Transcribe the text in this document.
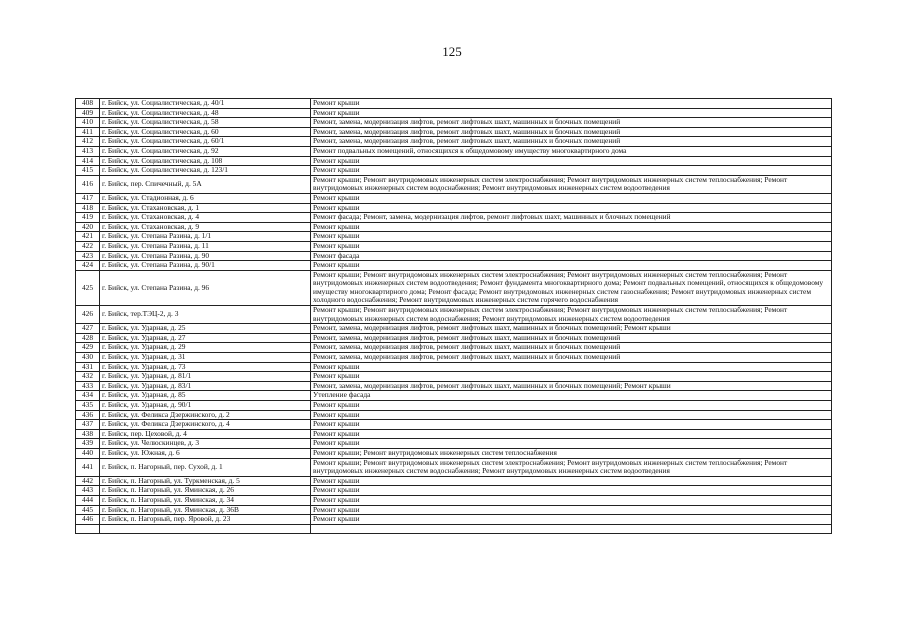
125
408	г. Бийск, ул. Социалистическая, д. 40/1	Ремонт крыши
409	г. Бийск, ул. Социалистическая, д. 48	Ремонт крыши
410	г. Бийск, ул. Социалистическая, д. 58	Ремонт, замена, модернизация лифтов, ремонт лифтовых шахт, машинных и блочных помещений
411	г. Бийск, ул. Социалистическая, д. 60	Ремонт, замена, модернизация лифтов, ремонт лифтовых шахт, машинных и блочных помещений
412	г. Бийск, ул. Социалистическая, д. 60/1	Ремонт, замена, модернизация лифтов, ремонт лифтовых шахт, машинных и блочных помещений
413	г. Бийск, ул. Социалистическая, д. 92	Ремонт подвальных помещений, относящихся к общедомовому имуществу многоквартирного дома
414	г. Бийск, ул. Социалистическая, д. 108	Ремонт крыши
415	г. Бийск, ул. Социалистическая, д. 123/1	Ремонт крыши
416	г. Бийск, пер. Спичечный, д. 5А	Ремонт крыши; Ремонт внутридомовых инженерных систем электроснабжения; Ремонт внутридомовых инженерных систем теплоснабжения; Ремонт внутридомовых инженерных систем водоснабжения; Ремонт внутридомовых инженерных систем водоотведения
417	г. Бийск, ул. Стадионная, д. 6	Ремонт крыши
418	г. Бийск, ул. Стахановская, д. 1	Ремонт крыши
419	г. Бийск, ул. Стахановская, д. 4	Ремонт фасада; Ремонт, замена, модернизация лифтов, ремонт лифтовых шахт, машинных и блочных помещений
420	г. Бийск, ул. Стахановская, д. 9	Ремонт крыши
421	г. Бийск, ул. Степана Разина, д. 1/1	Ремонт крыши
422	г. Бийск, ул. Степана Разина, д. 11	Ремонт крыши
423	г. Бийск, ул. Степана Разина, д. 90	Ремонт фасада
424	г. Бийск, ул. Степана Разина, д. 90/1	Ремонт крыши
425	г. Бийск, ул. Степана Разина, д. 96	Ремонт крыши; Ремонт внутридомовых инженерных систем электроснабжения; Ремонт внутридомовых инженерных систем теплоснабжения; Ремонт внутридомовых инженерных систем водоотведения; Ремонт фундамента многоквартирного дома; Ремонт подвальных помещений, относящихся к общедомовому имуществу многоквартирного дома; Ремонт фасада; Ремонт внутридомовых инженерных систем газоснабжения; Ремонт внутридомовых инженерных систем холодного водоснабжения; Ремонт внутридомовых инженерных систем горячего водоснабжения
426	г. Бийск, тер.ТЭЦ-2, д. 3	Ремонт крыши; Ремонт внутридомовых инженерных систем электроснабжения; Ремонт внутридомовых инженерных систем теплоснабжения; Ремонт внутридомовых инженерных систем водоснабжения; Ремонт внутридомовых инженерных систем водоотведения
427	г. Бийск, ул. Ударная, д. 25	Ремонт, замена, модернизация лифтов, ремонт лифтовых шахт, машинных и блочных помещений; Ремонт крыши
428	г. Бийск, ул. Ударная, д. 27	Ремонт, замена, модернизация лифтов, ремонт лифтовых шахт, машинных и блочных помещений
429	г. Бийск, ул. Ударная, д. 29	Ремонт, замена, модернизация лифтов, ремонт лифтовых шахт, машинных и блочных помещений
430	г. Бийск, ул. Ударная, д. 31	Ремонт, замена, модернизация лифтов, ремонт лифтовых шахт, машинных и блочных помещений
431	г. Бийск, ул. Ударная, д. 73	Ремонт крыши
432	г. Бийск, ул. Ударная, д. 81/1	Ремонт крыши
433	г. Бийск, ул. Ударная, д. 83/1	Ремонт, замена, модернизация лифтов, ремонт лифтовых шахт, машинных и блочных помещений; Ремонт крыши
434	г. Бийск, ул. Ударная, д. 85	Утепление фасада
435	г. Бийск, ул. Ударная, д. 90/1	Ремонт крыши
436	г. Бийск, ул. Феликса Дзержинского, д. 2	Ремонт крыши
437	г. Бийск, ул. Феликса Дзержинского, д. 4	Ремонт крыши
438	г. Бийск, пер. Цеховой, д. 4	Ремонт крыши
439	г. Бийск, ул. Челюскинцев, д. 3	Ремонт крыши
440	г. Бийск, ул. Южная, д. 6	Ремонт крыши; Ремонт внутридомовых инженерных систем теплоснабжения
441	г. Бийск, п. Нагорный, пер. Сухой, д. 1	Ремонт крыши; Ремонт внутридомовых инженерных систем электроснабжения; Ремонт внутридомовых инженерных систем теплоснабжения; Ремонт внутридомовых инженерных систем водоснабжения; Ремонт внутридомовых инженерных систем водоотведения
442	г. Бийск, п. Нагорный, ул. Туркменская, д. 5	Ремонт крыши
443	г. Бийск, п. Нагорный, ул. Яминская, д. 26	Ремонт крыши
444	г. Бийск, п. Нагорный, ул. Яминская, д. 34	Ремонт крыши
445	г. Бийск, п. Нагорный, ул. Яминская, д. 36В	Ремонт крыши
446	г. Бийск, п. Нагорный, пер. Яровой, д. 23	Ремонт крыши
